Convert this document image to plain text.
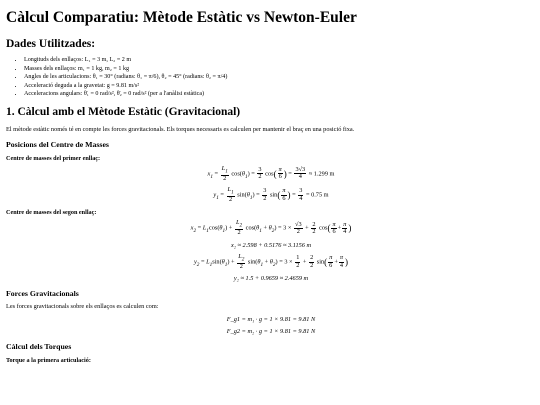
Càlcul Comparatiu: Mètode Estàtic vs Newton-Euler
Dades Utilitzades:
• Longituds dels enllaços: L₁ = 3 m, L₂ = 2 m
• Masses dels enllaços: m₁ = 1 kg, m₂ = 1 kg
• Angles de les articulacions: θ₁ = 30° (radians: θ₁ = π/6), θ₂ = 45° (radians: θ₂ = π/4)
• Acceleració deguda a la gravetat: g = 9.81 m/s²
• Acceleracions angulars: θ̈₁ = 0 rad/s², θ̈₂ = 0 rad/s² (per a l'anàlisi estàtica)
1. Càlcul amb el Mètode Estàtic (Gravitacional)

El mètode estàtic només té en compte les forces gravitacionals. Els torques necessaris es calculen per mantenir el braç en una posició fixa.

Posicions del Centre de Masses
Centre de masses del primer enllaç:
$x_1 = \frac{L_1}{2} \cos(\theta_1) = \frac{3}{2} \cos( \frac{\pi}{6}$ ) = $\frac{3√3}{4} \approx 1.299$ m
$y_1 = \frac{L_1}{2} \sin(\theta_1) = \frac{3}{2} \sin( \frac{\pi}{6}$ ) = $\frac{3}{4} = 0.75$ m
Centre de masses del segon enllaç:
$x_2 = L_1\cos(\theta_1) + \frac{L_2}{2} \cos(\theta_1 + \theta_2) = 3 \times \frac{√3}{2} + \frac{2}{2} \cos( \frac{\pi}{6} + \frac{\pi}{4}$ )
x₂ ≈ 2.598 + 0.5176 ≈ 3.1156 m
$y_2 = L_1\sin(\theta_1) + \frac{L_2}{2} \sin(\theta_1 + \theta_2) = 3 \times \frac{1}{2} + \frac{2}{2} \sin( \frac{\pi}{6} + \frac{\pi}{4}$ )
y₂ ≈ 1.5 + 0.9659 ≈ 2.4659 m
Forces Gravitacionals

Les forces gravitacionals sobre els enllaços es calculen com:

F_g1 = m₁ · g = 1 × 9.81 = 9.81 N
F_g2 = m₂ · g = 1 × 9.81 = 9.81 N
Càlcul dels Torques
Torque a la primera articulació:
